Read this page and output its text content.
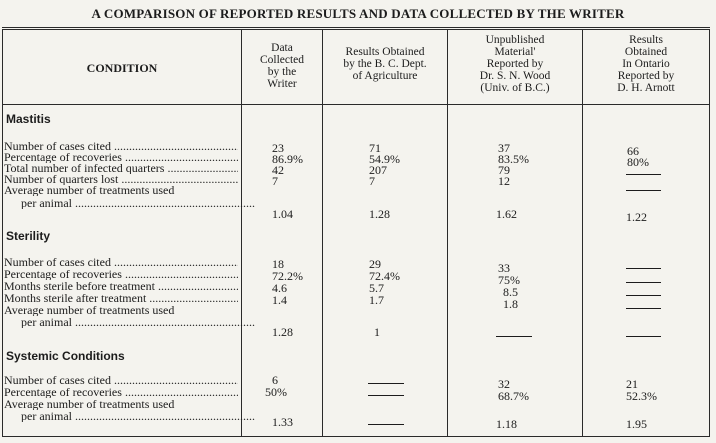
A COMPARISON OF REPORTED RESULTS AND DATA COLLECTED BY THE WRITER
CONDITION
Data
Collected
by the
Writer
Results Obtained
by the B. C. Dept.
of Agriculture
Unpublished
Material'
Reported by
Dr. S. N. Wood
(Univ. of B.C.)
Results
Obtained
In Ontario
Reported by
D. H. Arnott
Mastitis
Number of cases cited .....
Percentage of recoveries .....
Total number of infected quarters .....
Number of quarters lost .....
Average number of treatments used
per animal .....
23
86.9%
42
7
1.04
71
54.9%
207
7
1.28
37
83.5%
79
12
1.62
66
80%
1.22
Sterility
Number of cases cited .....
Percentage of recoveries .....
Months sterile before treatment .....
Months sterile after treatment .....
Average number of treatments used
per animal .....
18
72.2%
4.6
1.4
1.28
29
72.4%
5.7
1.7
1
33
75%
8.5
1.8
Systemic Conditions
Number of cases cited .....
Percentage of recoveries .....
Average number of treatments used
per animal .....
6
50%
1.33
32
68.7%
1.18
21
52.3%
1.95
